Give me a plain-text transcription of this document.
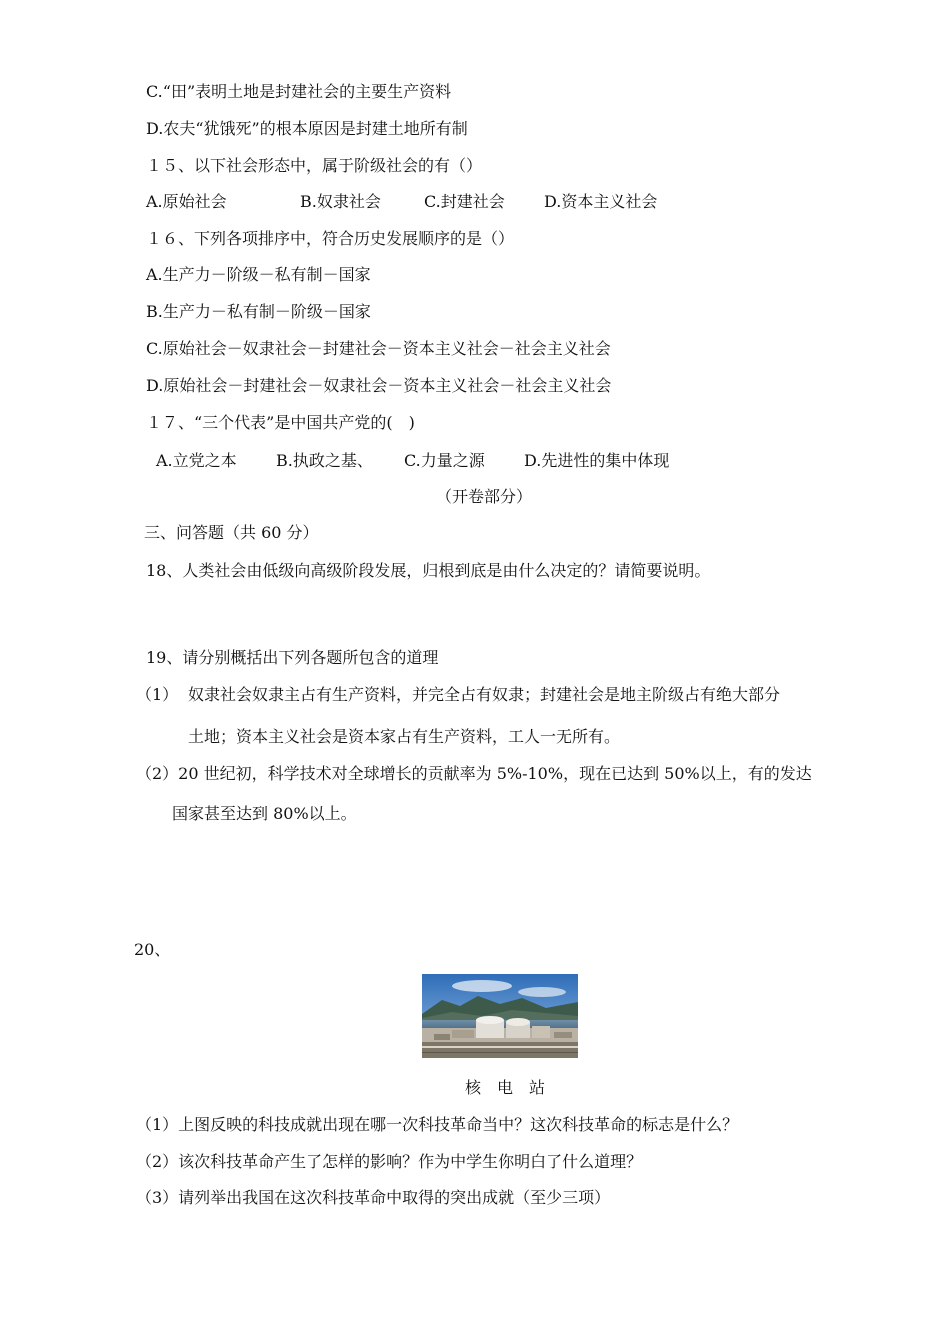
C.“田”表明土地是封建社会的主要生产资料
D.农夫“犹饿死”的根本原因是封建土地所有制
１５、以下社会形态中，属于阶级社会的有（）
A.原始社会	B.奴隶社会	C.封建社会 D.资本主义社会
１６、下列各项排序中，符合历史发展顺序的是（）
A.生产力－阶级－私有制－国家
B.生产力－私有制－阶级－国家
C.原始社会－奴隶社会－封建社会－资本主义社会－社会主义社会
D.原始社会－封建社会－奴隶社会－资本主义社会－社会主义社会
１７、“三个代表”是中国共产党的(　)
A.立党之本 B.执政之基、 C.力量之源 D.先进性的集中体现
（开卷部分）
三、问答题（共 60 分）
18、人类社会由低级向高级阶段发展，归根到底是由什么决定的？请简要说明。
19、请分别概括出下列各题所包含的道理
（1） 奴隶社会奴隶主占有生产资料，并完全占有奴隶；封建社会是地主阶级占有绝大部分
土地；资本主义社会是资本家占有生产资料，工人一无所有。
（2）20 世纪初，科学技术对全球增长的贡献率为 5%-10%，现在已达到 50%以上，有的发达
国家甚至达到 80%以上。
20、
核　电　站
（1）上图反映的科技成就出现在哪一次科技革命当中？这次科技革命的标志是什么？
（2）该次科技革命产生了怎样的影响？作为中学生你明白了什么道理？
（3）请列举出我国在这次科技革命中取得的突出成就（至少三项）
